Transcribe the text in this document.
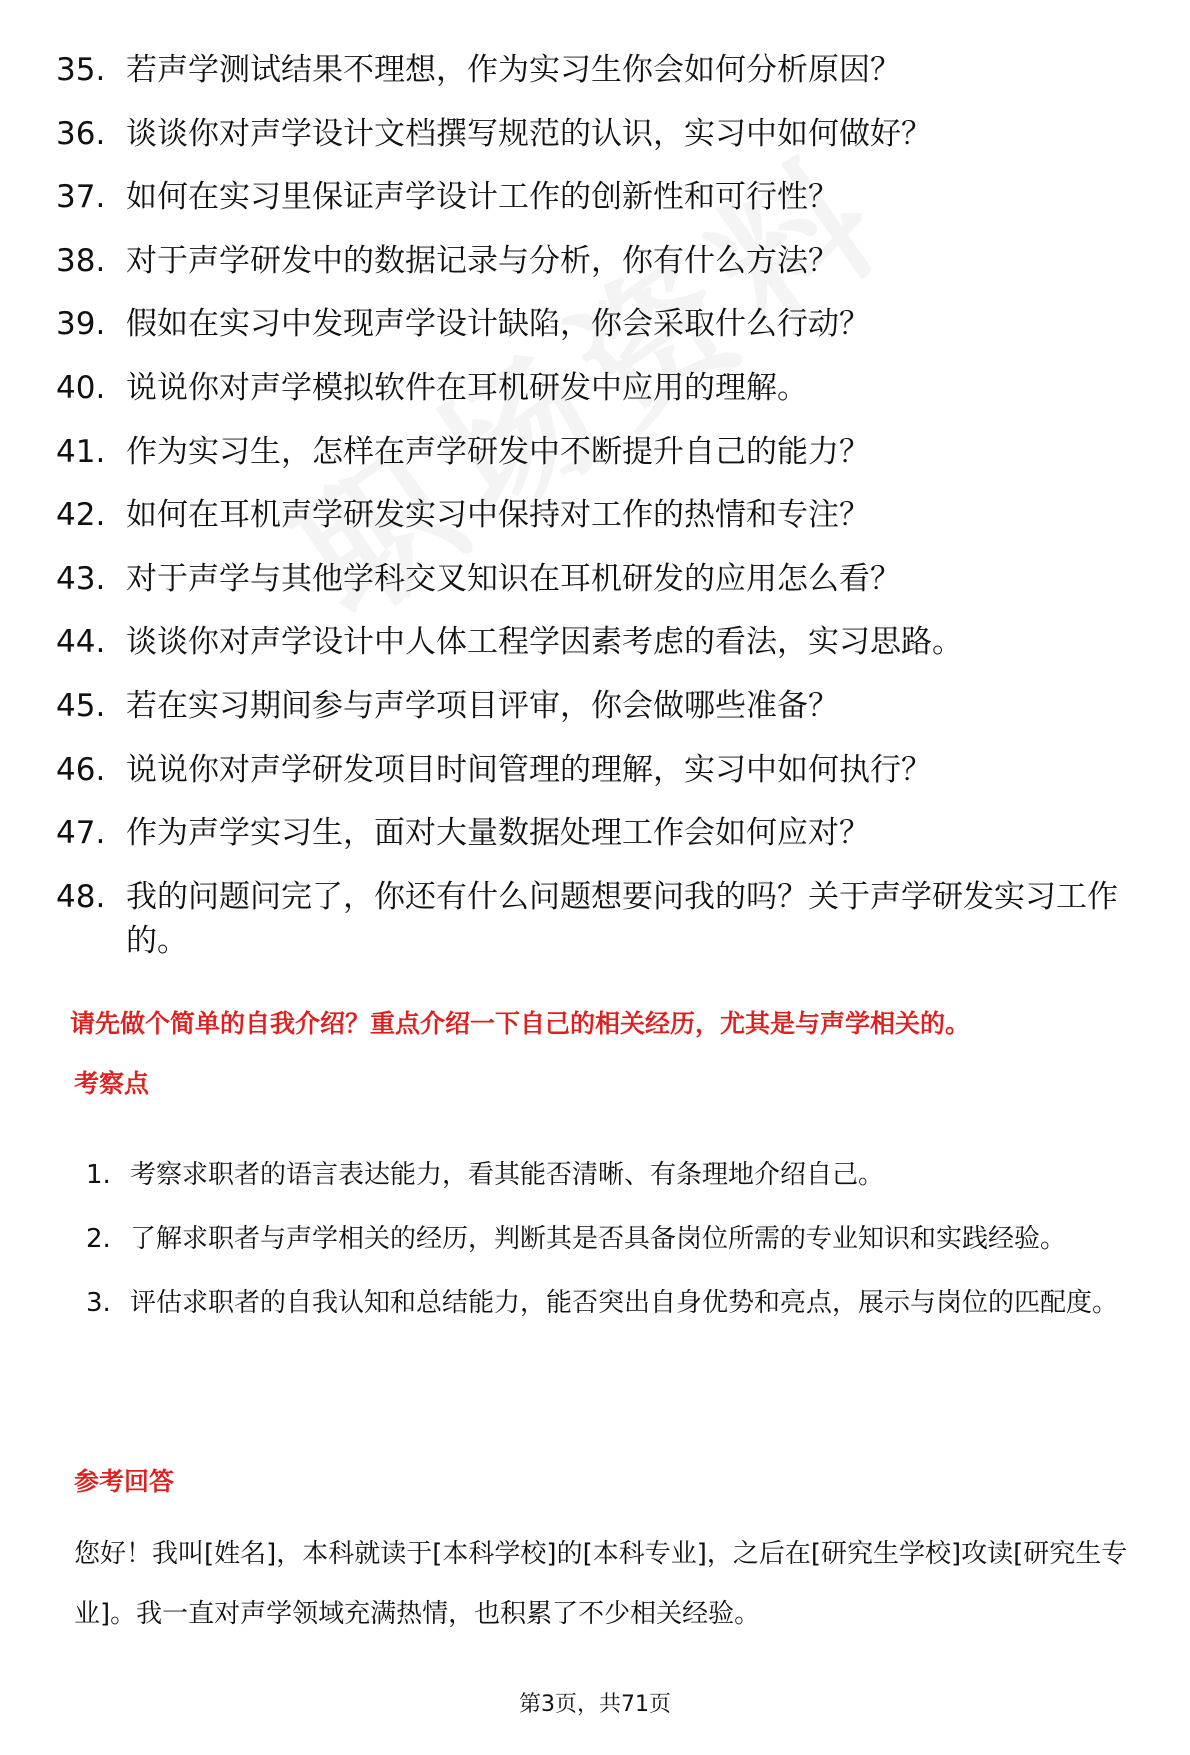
35. 若声学测试结果不理想，作为实习生你会如何分析原因？
36. 谈谈你对声学设计文档撰写规范的认识，实习中如何做好？
37. 如何在实习里保证声学设计工作的创新性和可行性？
38. 对于声学研发中的数据记录与分析，你有什么方法？
39. 假如在实习中发现声学设计缺陷，你会采取什么行动？
40. 说说你对声学模拟软件在耳机研发中应用的理解。
41. 作为实习生，怎样在声学研发中不断提升自己的能力？
42. 如何在耳机声学研发实习中保持对工作的热情和专注？
43. 对于声学与其他学科交叉知识在耳机研发的应用怎么看？
44. 谈谈你对声学设计中人体工程学因素考虑的看法，实习思路。
45. 若在实习期间参与声学项目评审，你会做哪些准备？
46. 说说你对声学研发项目时间管理的理解，实习中如何执行？
47. 作为声学实习生，面对大量数据处理工作会如何应对？
48. 我的问题问完了，你还有什么问题想要问我的吗？关于声学研发实习工作的。
请先做个简单的自我介绍？重点介绍一下自己的相关经历，尤其是与声学相关的。
考察点
1. 考察求职者的语言表达能力，看其能否清晰、有条理地介绍自己。
2. 了解求职者与声学相关的经历，判断其是否具备岗位所需的专业知识和实践经验。
3. 评估求职者的自我认知和总结能力，能否突出自身优势和亮点，展示与岗位的匹配度。
参考回答
您好！我叫[姓名]，本科就读于[本科学校]的[本科专业]，之后在[研究生学校]攻读[研究生专业]。我一直对声学领域充满热情，也积累了不少相关经验。
第3页，共71页
